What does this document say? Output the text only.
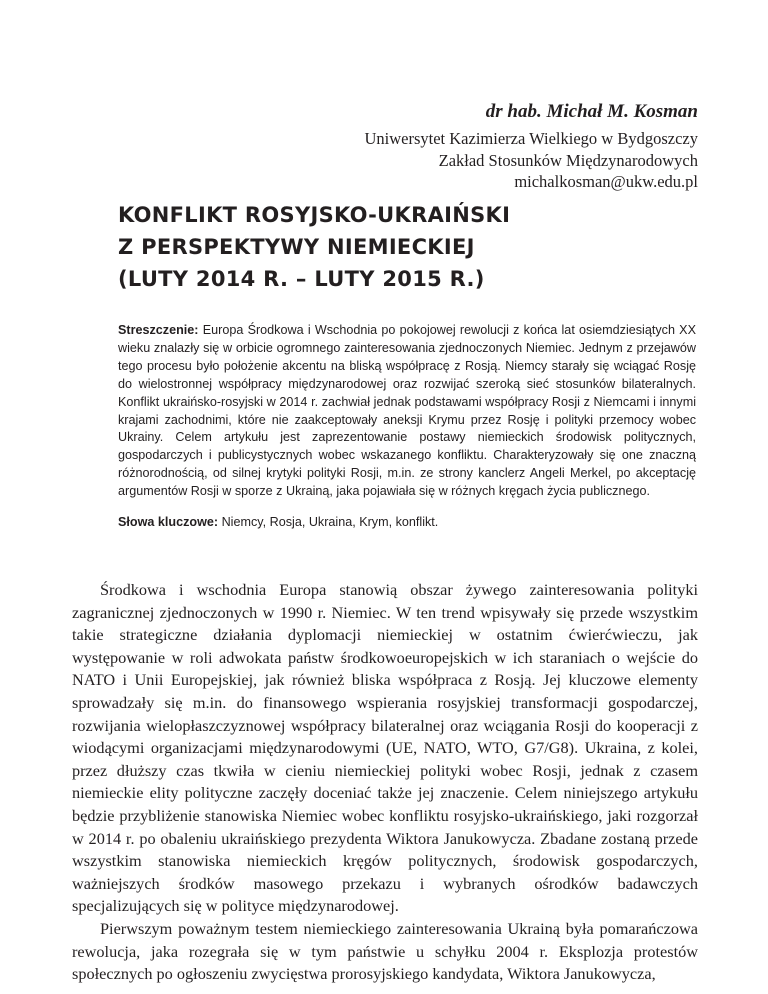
dr hab. Michał M. Kosman
Uniwersytet Kazimierza Wielkiego w Bydgoszczy
Zakład Stosunków Międzynarodowych
michalkosman@ukw.edu.pl
KONFLIKT ROSYJSKO-UKRAIŃSKI
Z PERSPEKTYWY NIEMIECKIEJ
(LUTY 2014 R. – LUTY 2015 R.)
Streszczenie: Europa Środkowa i Wschodnia po pokojowej rewolucji z końca lat osiemdziesiątych XX wieku znalazły się w orbicie ogromnego zainteresowania zjednoczonych Niemiec. Jednym z przejawów tego procesu było położenie akcentu na bliską współpracę z Rosją. Niemcy starały się wciągać Rosję do wielostronnej współpracy międzynarodowej oraz rozwijać szeroką sieć stosunków bilateralnych. Konflikt ukraińsko-rosyjski w 2014 r. zachwiał jednak podstawami współpracy Rosji z Niemcami i innymi krajami zachodnimi, które nie zaakceptowały aneksji Krymu przez Rosję i polityki przemocy wobec Ukrainy. Celem artykułu jest zaprezentowanie postawy niemieckich środowisk politycznych, gospodarczych i publicystycznych wobec wskazanego konfliktu. Charakteryzowały się one znaczną różnorodnością, od silnej krytyki polityki Rosji, m.in. ze strony kanclerz Angeli Merkel, po akceptację argumentów Rosji w sporze z Ukrainą, jaka pojawiała się w różnych kręgach życia publicznego.
Słowa kluczowe: Niemcy, Rosja, Ukraina, Krym, konflikt.

Środkowa i wschodnia Europa stanowią obszar żywego zainteresowania polityki zagranicznej zjednoczonych w 1990 r. Niemiec. W ten trend wpisywały się przede wszystkim takie strategiczne działania dyplomacji niemieckiej w ostatnim ćwierćwieczu, jak występowanie w roli adwokata państw środkowoeuropejskich w ich staraniach o wejście do NATO i Unii Europejskiej, jak również bliska współpraca z Rosją. Jej kluczowe elementy sprowadzały się m.in. do finansowego wspierania rosyjskiej transformacji gospodarczej, rozwijania wielopłaszczyznowej współpracy bilateralnej oraz wciągania Rosji do kooperacji z wiodącymi organizacjami międzynarodowymi (UE, NATO, WTO, G7/G8). Ukraina, z kolei, przez dłuższy czas tkwiła w cieniu niemieckiej polityki wobec Rosji, jednak z czasem niemieckie elity polityczne zaczęły doceniać także jej znaczenie. Celem niniejszego artykułu będzie przybliżenie stanowiska Niemiec wobec konfliktu rosyjsko-ukraińskiego, jaki rozgorzał w 2014 r. po obaleniu ukraińskiego prezydenta Wiktora Janukowycza. Zbadane zostaną przede wszystkim stanowiska niemieckich kręgów politycznych, środowisk gospodarczych, ważniejszych środków masowego przekazu i wybranych ośrodków badawczych specjalizujących się w polityce międzynarodowej.

Pierwszym poważnym testem niemieckiego zainteresowania Ukrainą była pomarańczowa rewolucja, jaka rozegrała się w tym państwie u schyłku 2004 r. Eksplozja protestów społecznych po ogłoszeniu zwycięstwa prorosyjskiego kandydata, Wiktora Janukowycza,
